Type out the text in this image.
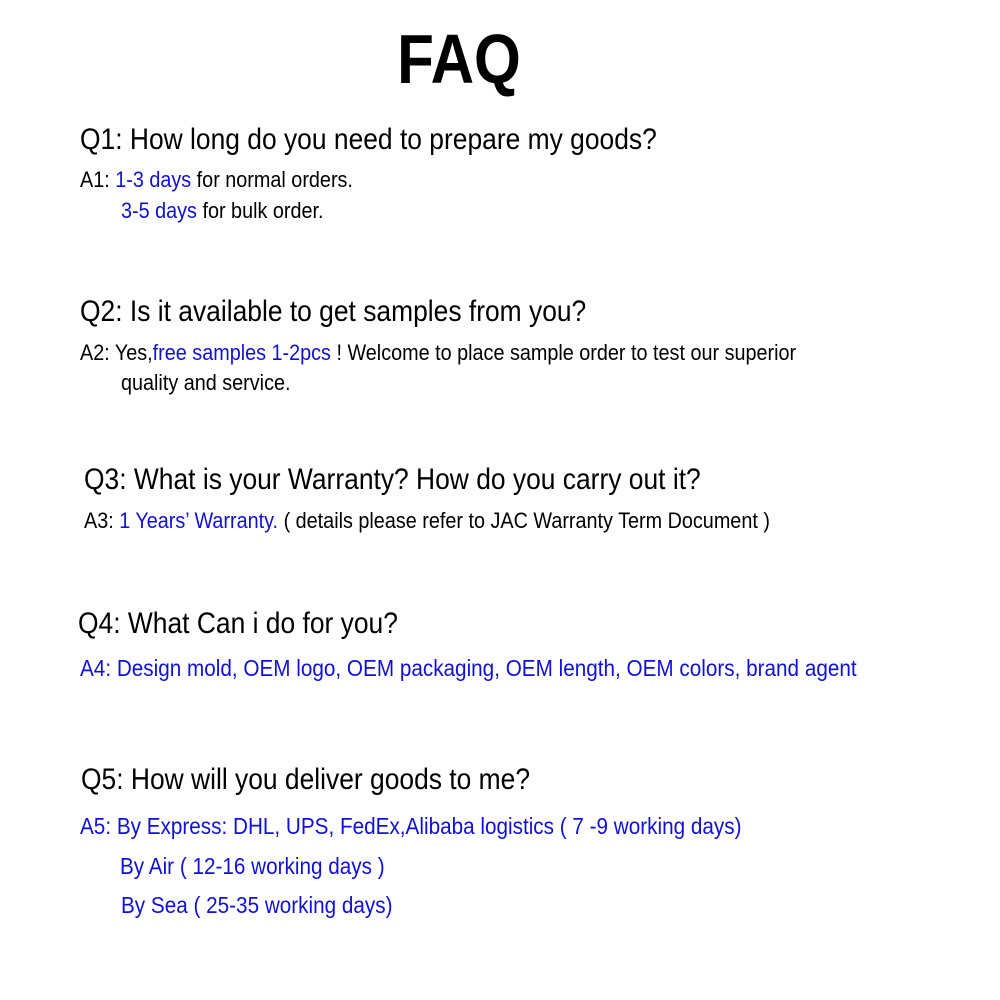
FAQ
Q1: How long do you need to prepare my goods?
A1: 1-3 days for normal orders.
3-5 days for bulk order.
Q2: Is it available to get samples from you?
A2: Yes,free samples 1-2pcs ! Welcome to place sample order to test our superior
quality and service.
Q3: What is your Warranty? How do you carry out it?
A3: 1 Years’ Warranty. ( details please refer to JAC Warranty Term Document )
Q4: What Can i do for you?
A4: Design mold, OEM logo, OEM packaging, OEM length, OEM colors, brand agent
Q5: How will you deliver goods to me?
A5: By Express: DHL, UPS, FedEx,Alibaba logistics ( 7 -9 working days)
By Air ( 12-16 working days )
By Sea ( 25-35 working days)
